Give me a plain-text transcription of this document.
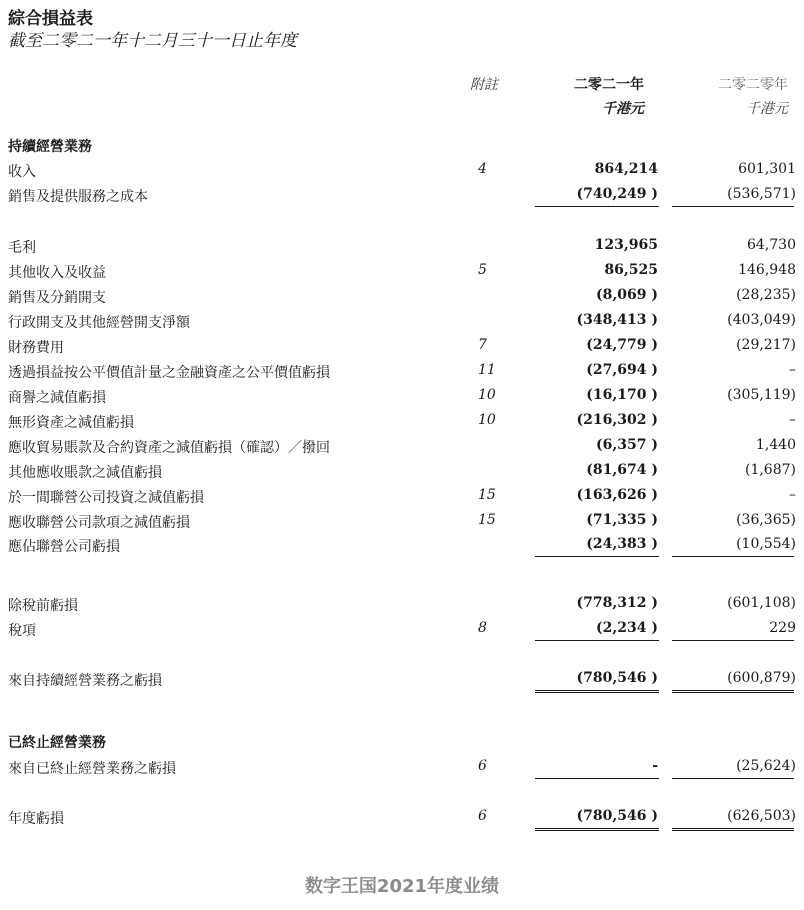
綜合損益表
截至二零二一年十二月三十一日止年度
附註	二零二一年
千港元
二零二零年
千港元
持續經營業務
收入	4	864,214	601,301
銷售及提供服務之成本	(740,249 )	(536,571)
毛利	123,965	64,730
其他收入及收益	5	86,525	146,948
銷售及分銷開支	(8,069 )	(28,235)
行政開支及其他經營開支淨額	(348,413 )	(403,049)
財務費用	7	(24,779 )	(29,217)
透過損益按公平價值計量之金融資產之公平價值虧損	11	(27,694 )	–
商譽之減值虧損	10	(16,170 )	(305,119)
無形資產之減值虧損	10	(216,302 )	–
應收貿易賬款及合約資產之減值虧損（確認）／撥回	(6,357 )	1,440
其他應收賬款之減值虧損	(81,674 )	(1,687)
於一間聯營公司投資之減值虧損	15	(163,626 )	–
應收聯營公司款項之減值虧損	15	(71,335 )	(36,365)
應佔聯營公司虧損	(24,383 )	(10,554)
除稅前虧損	(778,312 )	(601,108)
稅項	8	(2,234 )	229
來自持續經營業務之虧損	(780,546 )	(600,879)
已終止經營業務
來自已終止經營業務之虧損	6	-	(25,624)
年度虧損	6	(780,546 )	(626,503)
数字王国2021年度业绩
